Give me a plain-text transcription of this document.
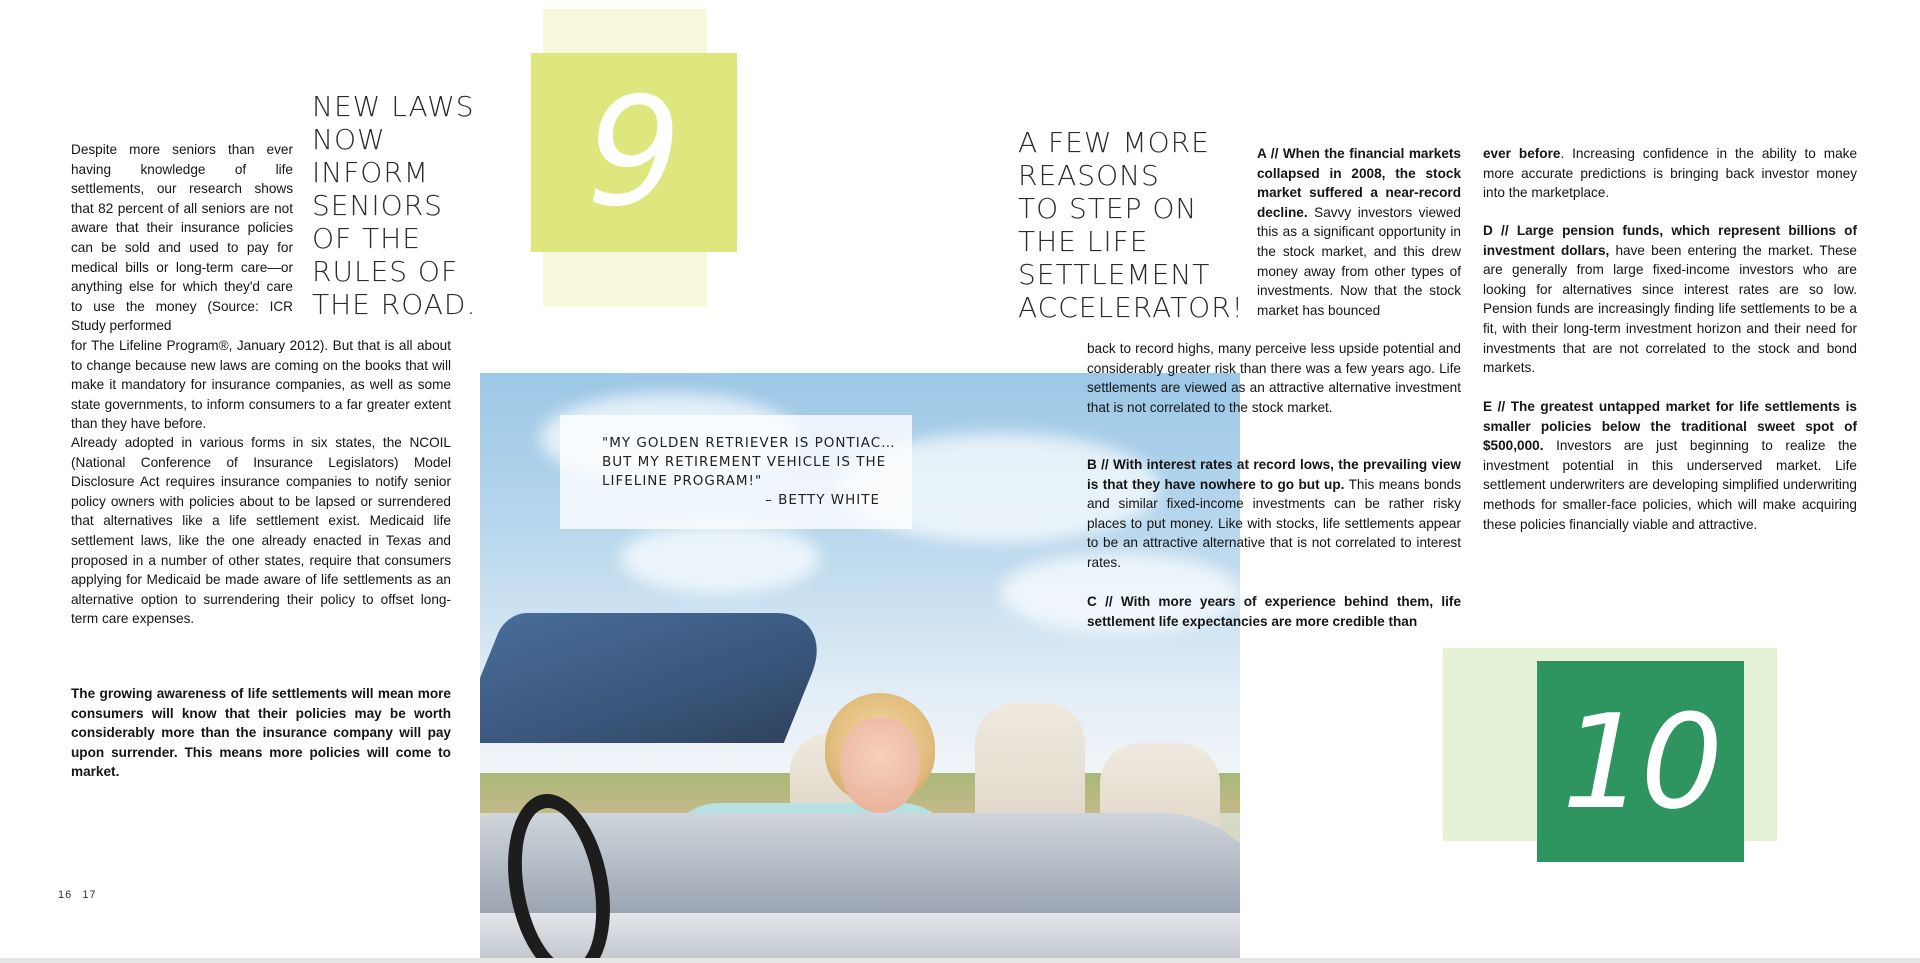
Despite more seniors than ever having knowledge of life settlements, our research shows that 82 percent of all seniors are not aware that their insurance policies can be sold and used to pay for medical bills or long-term care—or anything else for which they'd care to use the money (Source: ICR Study performed

NEW LAWS
NOW
INFORM
SENIORS
OF THE
RULES OF
THE ROAD.
9

for The Lifeline Program®, January 2012). But that is all about to change because new laws are coming on the books that will make it mandatory for insurance companies, as well as some state governments, to inform consumers to a far greater extent than they have before.

Already adopted in various forms in six states, the NCOIL (National Conference of Insurance Legislators) Model Disclosure Act requires insurance companies to notify senior policy owners with policies about to be lapsed or surrendered that alternatives like a life settlement exist. Medicaid life settlement laws, like the one already enacted in Texas and proposed in a number of other states, require that consumers applying for Medicaid be made aware of life settlements as an alternative option to surrendering their policy to offset long-term care expenses.

The growing awareness of life settlements will mean more consumers will know that their policies may be worth considerably more than the insurance company will pay upon surrender. This means more policies will come to market.

16 17

"MY GOLDEN RETRIEVER IS PONTIAC… BUT MY RETIREMENT VEHICLE IS THE LIFELINE PROGRAM!"

– BETTY WHITE
A FEW MORE
REASONS
TO STEP ON
THE LIFE
SETTLEMENT
ACCELERATOR!

A // When the financial markets collapsed in 2008, the stock market suffered a near-record decline. Savvy investors viewed this as a significant opportunity in the stock market, and this drew money away from other types of investments. Now that the stock market has bounced

back to record highs, many perceive less upside potential and considerably greater risk than there was a few years ago. Life settlements are viewed as an attractive alternative investment that is not correlated to the stock market.

B // With interest rates at record lows, the prevailing view is that they have nowhere to go but up. This means bonds and similar fixed-income investments can be rather risky places to put money. Like with stocks, life settlements appear to be an attractive alternative that is not correlated to interest rates.

C // With more years of experience behind them, life settlement life expectancies are more credible than

ever before. Increasing confidence in the ability to make more accurate predictions is bringing back investor money into the marketplace.

D // Large pension funds, which represent billions of investment dollars, have been entering the market. These are generally from large fixed-income investors who are looking for alternatives since interest rates are so low. Pension funds are increasingly finding life settlements to be a fit, with their long-term investment horizon and their need for investments that are not correlated to the stock and bond markets.

E // The greatest untapped market for life settlements is smaller policies below the traditional sweet spot of $500,000. Investors are just beginning to realize the investment potential in this underserved market. Life settlement underwriters are developing simplified underwriting methods for smaller-face policies, which will make acquiring these policies financially viable and attractive.

10
